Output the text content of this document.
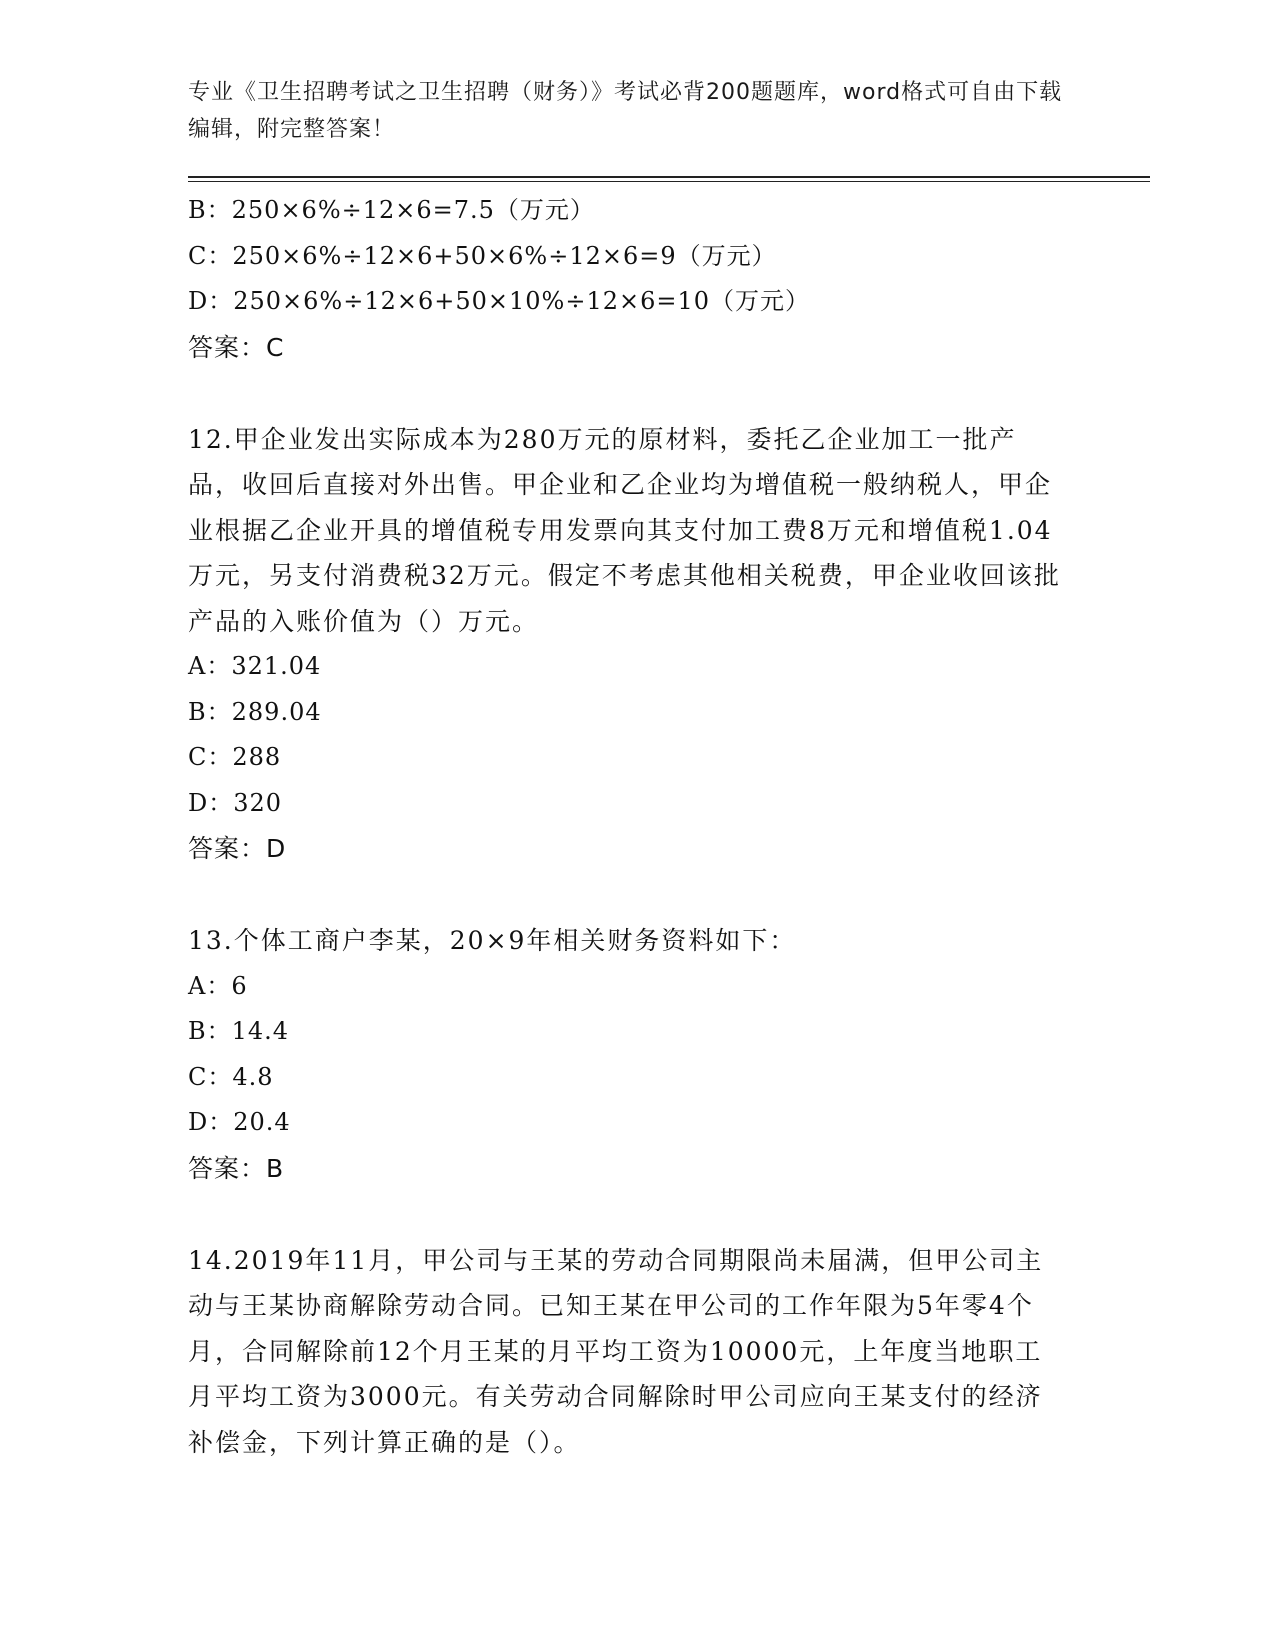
专业《卫生招聘考试之卫生招聘（财务）》考试必背200题题库，word格式可自由下载编辑，附完整答案！
B：250×6%÷12×6=7.5（万元）
C：250×6%÷12×6+50×6%÷12×6=9（万元）
D：250×6%÷12×6+50×10%÷12×6=10（万元）
答案：C
12.甲企业发出实际成本为280万元的原材料，委托乙企业加工一批产品，收回后直接对外出售。甲企业和乙企业均为增值税一般纳税人，甲企业根据乙企业开具的增值税专用发票向其支付加工费8万元和增值税1.04万元，另支付消费税32万元。假定不考虑其他相关税费，甲企业收回该批产品的入账价值为（）万元。
A：321.04
B：289.04
C：288
D：320
答案：D
13.个体工商户李某，20×9年相关财务资料如下：
A：6
B：14.4
C：4.8
D：20.4
答案：B
14.2019年11月，甲公司与王某的劳动合同期限尚未届满，但甲公司主动与王某协商解除劳动合同。已知王某在甲公司的工作年限为5年零4个月，合同解除前12个月王某的月平均工资为10000元，上年度当地职工月平均工资为3000元。有关劳动合同解除时甲公司应向王某支付的经济补偿金，下列计算正确的是（）。
